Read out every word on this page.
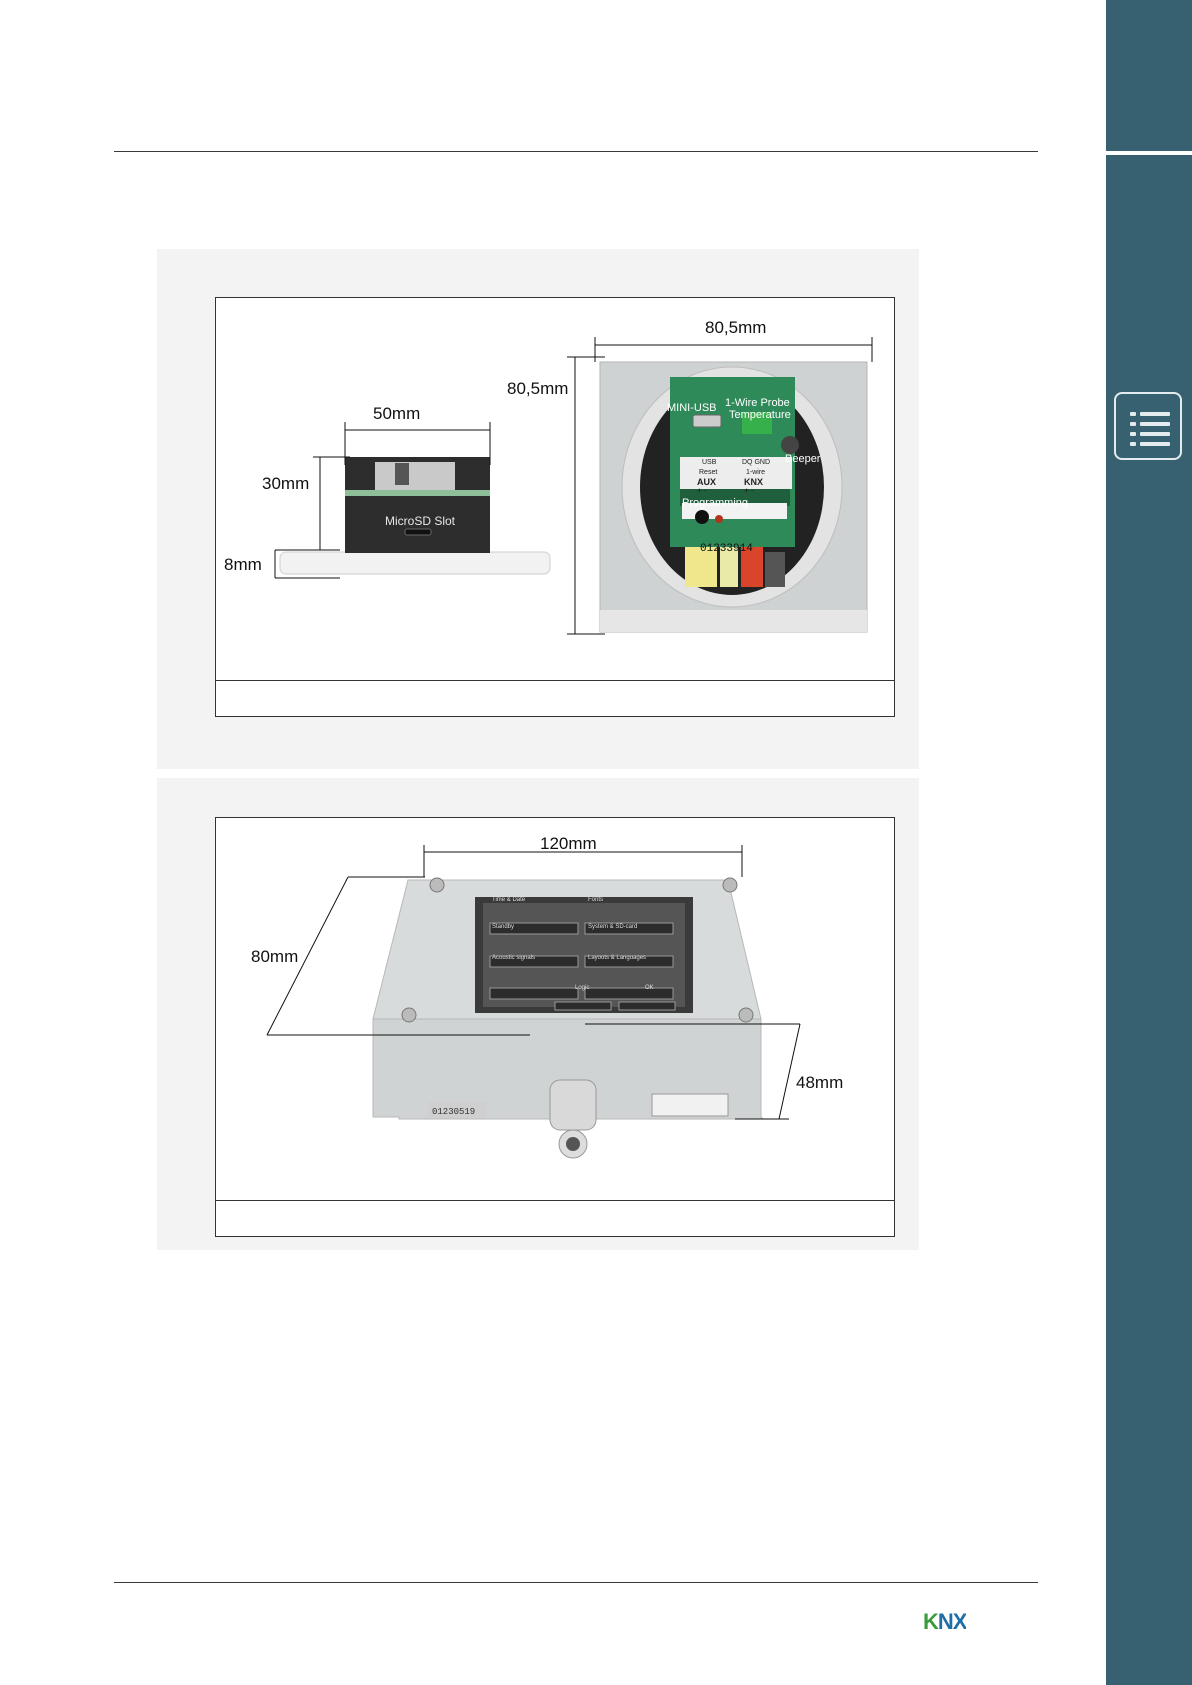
50mm
30mm
8mm
MicroSD Slot
80,5mm
80,5mm
MINI-USB 1-Wire Probe
Temperature
Beeper
USB	DQ GND
Reset	1-wire
AUX	KNX
+ -	+ -
Programming
01233914
120mm
80mm
48mm
Time & Date	Fonts
Standby	System & SD-card
Acoustic signals	Layouts & Languages
Logic	OK
01230519
KNX
